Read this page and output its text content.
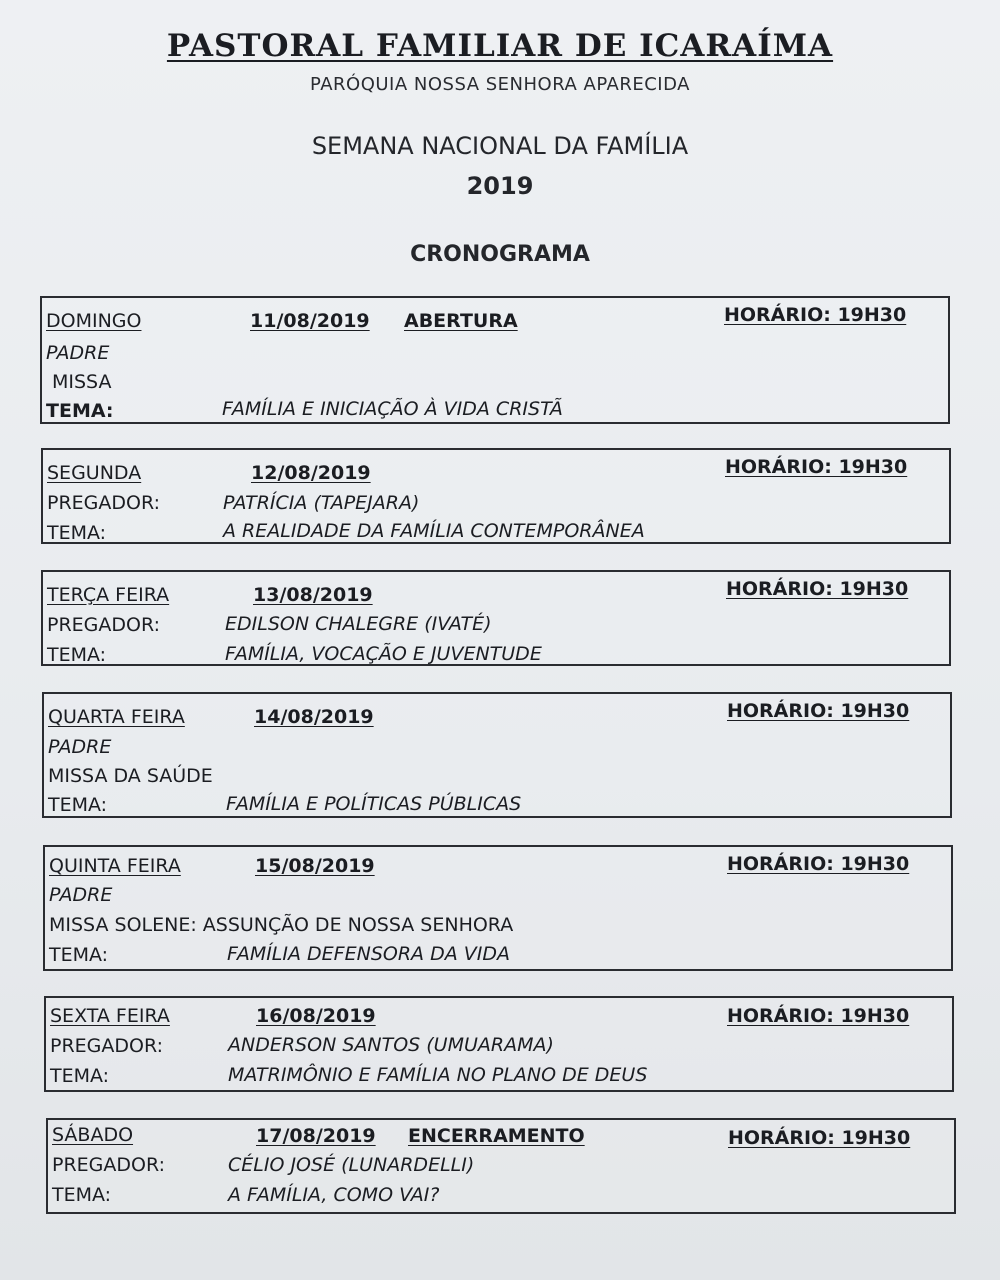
PASTORAL FAMILIAR DE ICARAÍMA
PARÓQUIA NOSSA SENHORA APARECIDA
SEMANA NACIONAL DA FAMÍLIA
2019
CRONOGRAMA
DOMINGO	11/08/2019 ABERTURA	HORÁRIO: 19H30
PADRE
MISSA
TEMA:	FAMÍLIA E INICIAÇÃO À VIDA CRISTÃ
SEGUNDA	12/08/2019	HORÁRIO: 19H30
PREGADOR:	PATRÍCIA (TAPEJARA)
TEMA:	A REALIDADE DA FAMÍLIA CONTEMPORÂNEA
TERÇA FEIRA	13/08/2019	HORÁRIO: 19H30
PREGADOR:	EDILSON CHALEGRE (IVATÉ)
TEMA:	FAMÍLIA, VOCAÇÃO E JUVENTUDE
QUARTA FEIRA	14/08/2019	HORÁRIO: 19H30
PADRE
MISSA DA SAÚDE
TEMA:	FAMÍLIA E POLÍTICAS PÚBLICAS
QUINTA FEIRA	15/08/2019	HORÁRIO: 19H30
PADRE
MISSA SOLENE: ASSUNÇÃO DE NOSSA SENHORA
TEMA:	FAMÍLIA DEFENSORA DA VIDA
SEXTA FEIRA	16/08/2019	HORÁRIO: 19H30
PREGADOR:	ANDERSON SANTOS (UMUARAMA)
TEMA:	MATRIMÔNIO E FAMÍLIA NO PLANO DE DEUS
SÁBADO	17/08/2019 ENCERRAMENTO	HORÁRIO: 19H30
PREGADOR:	CÉLIO JOSÉ (LUNARDELLI)
TEMA:	A FAMÍLIA, COMO VAI?
